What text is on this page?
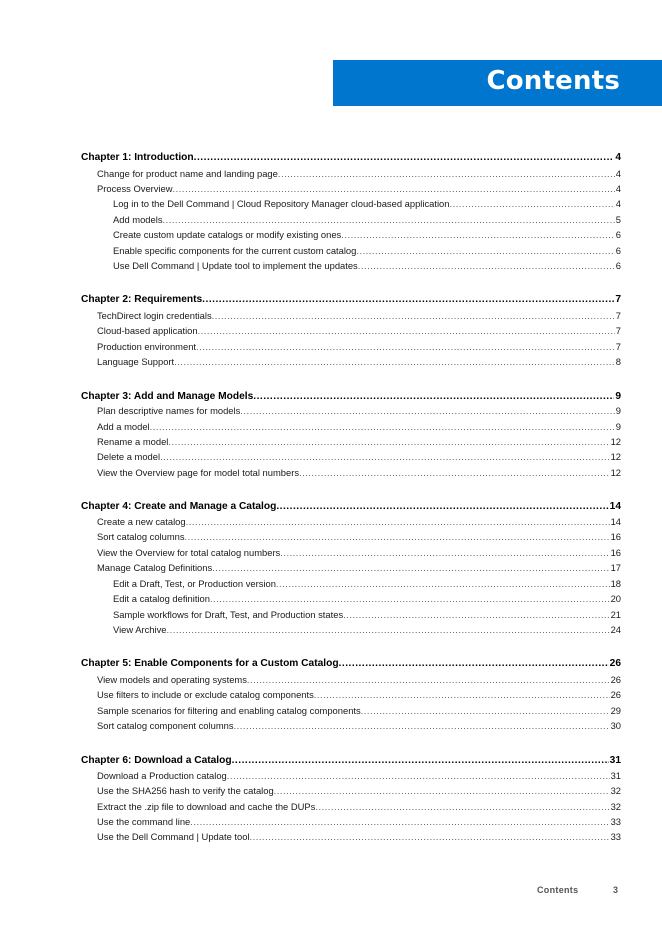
Contents
Chapter 1: Introduction .....	4
Change for product name and landing page .....	4
Process Overview .....	4
Log in to the Dell Command | Cloud Repository Manager cloud-based application .....	4
Add models .....	5
Create custom update catalogs or modify existing ones .....	6
Enable specific components for the current custom catalog .....	6
Use Dell Command | Update tool to implement the updates .....	6
Chapter 2: Requirements .....	7
TechDirect login credentials .....	7
Cloud-based application .....	7
Production environment .....	7
Language Support .....	8
Chapter 3: Add and Manage Models .....	9
Plan descriptive names for models .....	9
Add a model .....	9
Rename a model .....	12
Delete a model .....	12
View the Overview page for model total numbers .....	12
Chapter 4: Create and Manage a Catalog .....	14
Create a new catalog .....	14
Sort catalog columns .....	16
View the Overview for total catalog numbers .....	16
Manage Catalog Definitions .....	17
Edit a Draft, Test, or Production version .....	18
Edit a catalog definition .....	20
Sample workflows for Draft, Test, and Production states .....	21
View Archive .....	24
Chapter 5: Enable Components for a Custom Catalog .....	26
View models and operating systems .....	26
Use filters to include or exclude catalog components .....	26
Sample scenarios for filtering and enabling catalog components .....	29
Sort catalog component columns .....	30
Chapter 6: Download a Catalog .....	31
Download a Production catalog .....	31
Use the SHA256 hash to verify the catalog .....	32
Extract the .zip file to download and cache the DUPs .....	32
Use the command line .....	33
Use the Dell Command | Update tool .....	33
Contents	3
